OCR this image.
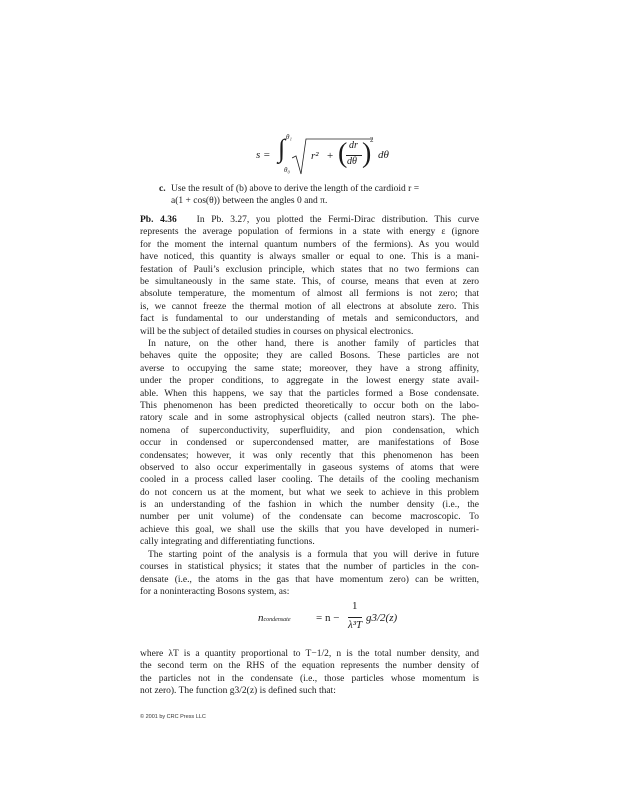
s = ∫ θ₁
θ₀
r² + ( dr
dθ )
2
dθ
c. Use the result of (b) above to derive the length of the cardioid r =
a(1 + cos(θ)) between the angles 0 and π.
Pb. 4.36 In Pb. 3.27, you plotted the Fermi-Dirac distribution. This curve
represents the average population of fermions in a state with energy ε (ignore
for the moment the internal quantum numbers of the fermions). As you would
have noticed, this quantity is always smaller or equal to one. This is a mani-
festation of Pauli’s exclusion principle, which states that no two fermions can
be simultaneously in the same state. This, of course, means that even at zero
absolute temperature, the momentum of almost all fermions is not zero; that
is, we cannot freeze the thermal motion of all electrons at absolute zero. This
fact is fundamental to our understanding of metals and semiconductors, and
will be the subject of detailed studies in courses on physical electronics.
In nature, on the other hand, there is another family of particles that
behaves quite the opposite; they are called Bosons. These particles are not
averse to occupying the same state; moreover, they have a strong affinity,
under the proper conditions, to aggregate in the lowest energy state avail-
able. When this happens, we say that the particles formed a Bose condensate.
This phenomenon has been predicted theoretically to occur both on the labo-
ratory scale and in some astrophysical objects (called neutron stars). The phe-
nomena of superconductivity, superfluidity, and pion condensation, which
occur in condensed or supercondensed matter, are manifestations of Bose
condensates; however, it was only recently that this phenomenon has been
observed to also occur experimentally in gaseous systems of atoms that were
cooled in a process called laser cooling. The details of the cooling mechanism
do not concern us at the moment, but what we seek to achieve in this problem
is an understanding of the fashion in which the number density (i.e., the
number per unit volume) of the condensate can become macroscopic. To
achieve this goal, we shall use the skills that you have developed in numeri-
cally integrating and differentiating functions.
The starting point of the analysis is a formula that you will derive in future
courses in statistical physics; it states that the number of particles in the con-
densate (i.e., the atoms in the gas that have momentum zero) can be written,
for a noninteracting Bosons system, as:
ncondensate = n −
1
λ³T
g3/2(z)
where λT is a quantity proportional to T−1/2, n is the total number density, and
the second term on the RHS of the equation represents the number density of
the particles not in the condensate (i.e., those particles whose momentum is
not zero). The function g3/2(z) is defined such that:
© 2001 by CRC Press LLC
